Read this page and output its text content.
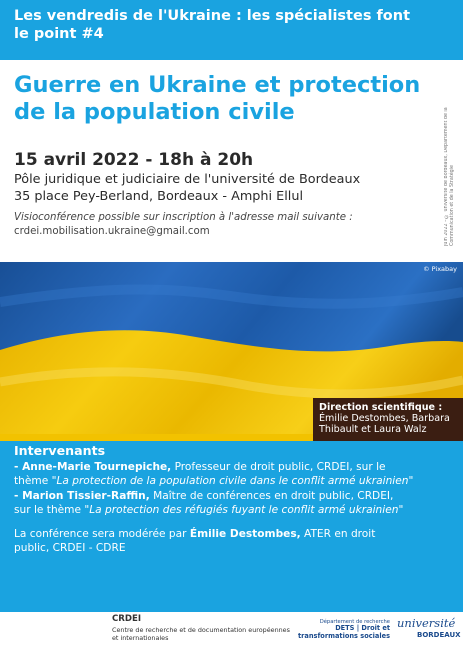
Les vendredis de l'Ukraine : les spécialistes font le point #4
Guerre en Ukraine et protection de la population civile
15 avril 2022 - 18h à 20h
Pôle juridique et judiciaire de l'université de Bordeaux
35 place Pey-Berland, Bordeaux - Amphi Ellul
Visioconférence possible sur inscription à l'adresse mail suivante :
crdei.mobilisation.ukraine@gmail.com	Juin 2022 – © université de Bordeaux, Département de la Communication et de la Stratégie
© Pixabay
Direction scientifique :
Émilie Destombes, Barbara Thibault et Laura Walz
Intervenants
- Anne-Marie Tournepiche, Professeur de droit public, CRDEI, sur le
thème "La protection de la population civile dans le conflit armé ukrainien"
- Marion Tissier-Raffin, Maître de conférences en droit public, CRDEI,
sur le thème "La protection des réfugiés fuyant le conflit armé ukrainien"
La conférence sera modérée par Émilie Destombes, ATER en droit
public, CRDEI - CDRE
CRDEI
Centre de recherche et de documentation européennes et internationales
Département de recherche
DETS | Droit et
transformations sociales
université
BORDEAUX
